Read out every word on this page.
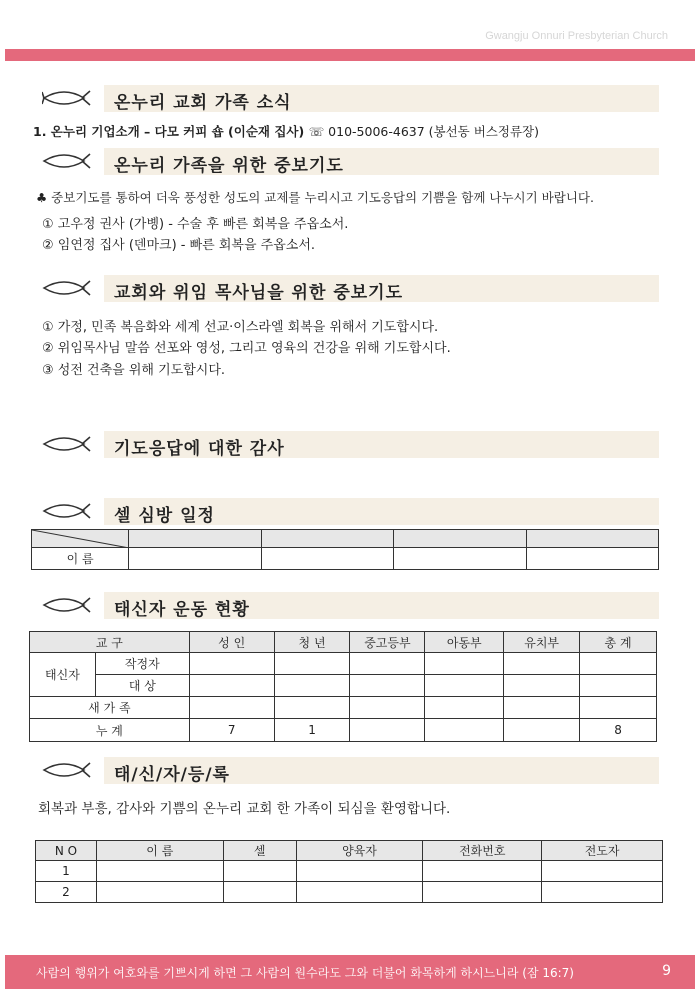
Gwangju Onnuri Presbyterian Church
온누리 교회 가족 소식
1. 온누리 기업소개 – 다모 커피 숍 (이순재 집사) ☏ 010-5006-4637 (봉선동 버스정류장)
온누리 가족을 위한 중보기도
♣ 중보기도를 통하여 더욱 풍성한 성도의 교제를 누리시고 기도응답의 기쁨을 함께 나누시기 바랍니다.
① 고우정 권사 (가볭) - 수술 후 빠른 회복을 주옵소서.
② 임연정 집사 (덴마크) - 빠른 회복을 주옵소서.
교회와 위임 목사님을 위한 중보기도
① 가정, 민족 복음화와 세계 선교·이스라엘 회복을 위해서 기도합시다.
② 위임목사님 말씀 선포와 영성, 그리고 영육의 건강을 위해 기도합시다.
③ 성전 건축을 위해 기도합시다.
기도응답에 대한 감사
셀 심방 일정

이 름				
태신자 운동 현황
교 구		성 인	청 년	중고등부	아동부	유치부	총 계
태신자	작정자						
	대 상						
새 가 족							
누 계		7	1				8
태/신/자/등/록
회복과 부흥, 감사와 기쁨의 온누리 교회 한 가족이 되심을 환영합니다.
N O	이 름	셀	양육자	전화번호	전도자
1					
2					
사람의 행위가 여호와를 기쁘시게 하면 그 사람의 원수라도 그와 더불어 화목하게 하시느니라 (잠 16:7)	9
